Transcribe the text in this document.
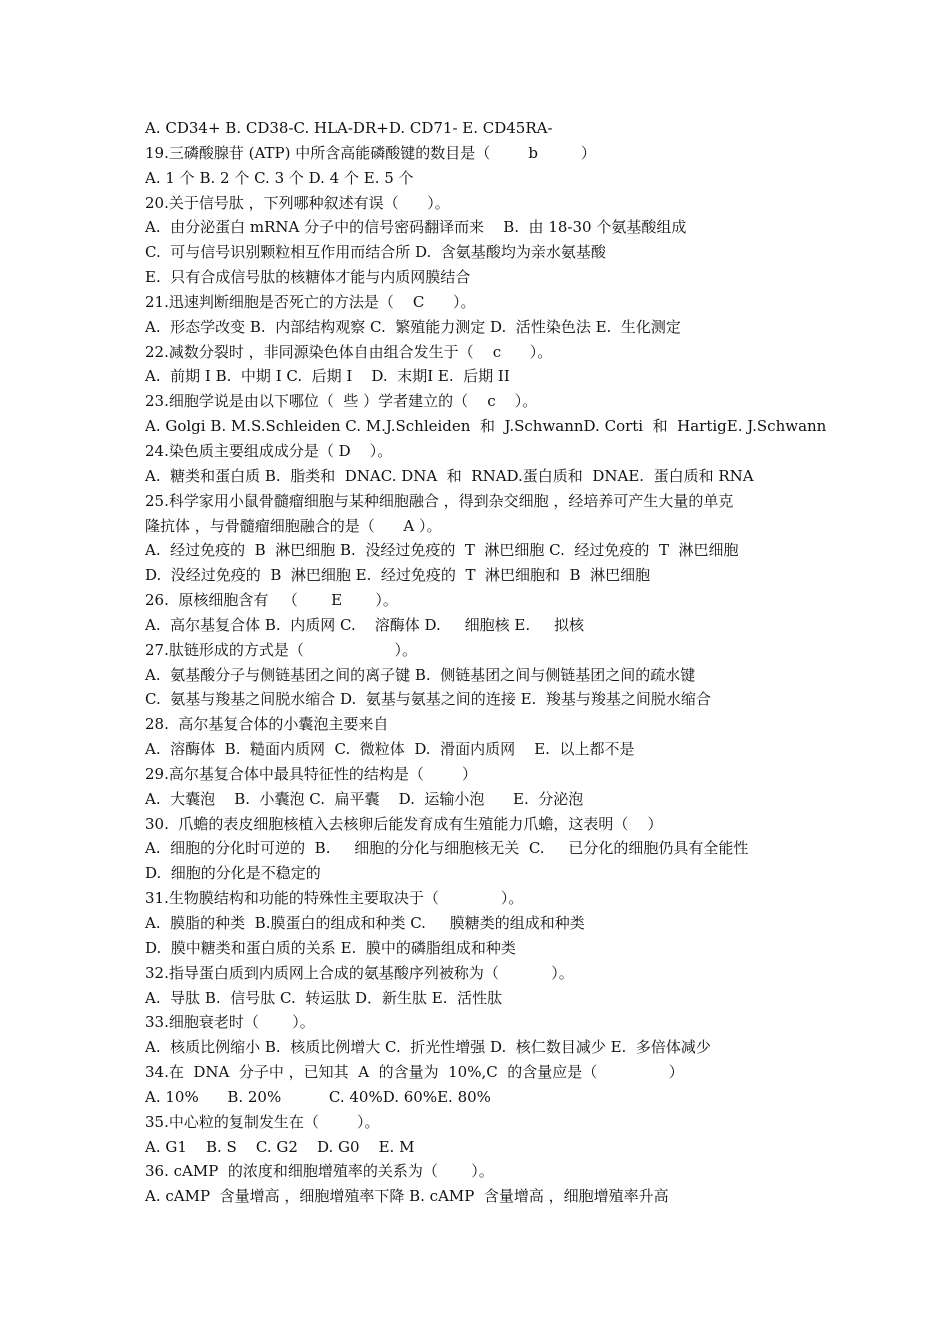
A. CD34+ B. CD38-C. HLA-DR+D. CD71- E. CD45RA-
19.三磷酸腺苷 (ATP) 中所含高能磷酸键的数目是（        b         ）
A. 1 个 B. 2 个 C. 3 个 D. 4 个 E. 5 个
20.关于信号肽 ，下列哪种叙述有误（      ）。
A.  由分泌蛋白 mRNA 分子中的信号密码翻译而来    B.  由 18-30 个氨基酸组成
C.  可与信号识别颗粒相互作用而结合所 D.  含氨基酸均为亲水氨基酸
E.  只有合成信号肽的核糖体才能与内质网膜结合
21.迅速判断细胞是否死亡的方法是（    C      ）。
A.  形态学改变 B.  内部结构观察 C.  繁殖能力测定 D.  活性染色法 E.  生化测定
22.减数分裂时 ，非同源染色体自由组合发生于（    c      ）。
A.  前期 I B.  中期 I C.  后期 I    D.  末期Ⅰ E.  后期 II
23.细胞学说是由以下哪位（  些 ）学者建立的（    c    ）。
A. Golgi B. M.S.Schleiden C. M.J.Schleiden  和  J.SchwannD. Corti  和  HartigE. J.Schwann
24.染色质主要组成成分是（ D    ）。
A.  糖类和蛋白质 B.  脂类和  DNAC. DNA  和  RNAD.蛋白质和  DNAE.  蛋白质和 RNA
25.科学家用小鼠骨髓瘤细胞与某种细胞融合 ，得到杂交细胞 ，经培养可产生大量的单克
隆抗体 ，与骨髓瘤细胞融合的是（      A ）。
A.  经过免疫的  B  淋巴细胞 B.  没经过免疫的  T  淋巴细胞 C.  经过免疫的  T  淋巴细胞
D.  没经过免疫的  B  淋巴细胞 E.  经过免疫的  T  淋巴细胞和  B  淋巴细胞
26.  原核细胞含有   （       E       ）。
A.  高尔基复合体 B.  内质网 C.    溶酶体 D.     细胞核 E.     拟核
27.肽链形成的方式是（                   ）。
A.  氨基酸分子与侧链基团之间的离子键 B.  侧链基团之间与侧链基团之间的疏水键
C.  氨基与羧基之间脱水缩合 D.  氨基与氨基之间的连接 E.  羧基与羧基之间脱水缩合
28.  高尔基复合体的小囊泡主要来自
A.  溶酶体  B.  糙面内质网  C.  微粒体  D.  滑面内质网    E.  以上都不是
29.高尔基复合体中最具特征性的结构是（        ）
A.  大囊泡    B.  小囊泡 C.  扁平囊    D.  运输小泡      E.  分泌泡
30.  爪蟾的表皮细胞核植入去核卵后能发育成有生殖能力爪蟾，这表明（    ）
A.  细胞的分化时可逆的  B.     细胞的分化与细胞核无关  C.     已分化的细胞仍具有全能性
D.  细胞的分化是不稳定的
31.生物膜结构和功能的特殊性主要取决于（             ）。
A.  膜脂的种类  B.膜蛋白的组成和种类 C.     膜糖类的组成和种类
D.  膜中糖类和蛋白质的关系 E.  膜中的磷脂组成和种类
32.指导蛋白质到内质网上合成的氨基酸序列被称为（           ）。
A.  导肽 B.  信号肽 C.  转运肽 D．新生肽 E.  活性肽
33.细胞衰老时（       ）。
A.  核质比例缩小 B.  核质比例增大 C.  折光性增强 D.  核仁数目减少 E.  多倍体减少
34.在  DNA  分子中 ，已知其  A  的含量为  10%,C  的含量应是（               ）
A. 10%      B. 20%          C. 40%D. 60%E. 80%
35.中心粒的复制发生在（        ）。
A. G1    B. S    C. G2    D. G0    E. M
36. cAMP  的浓度和细胞增殖率的关系为（       ）。
A. cAMP  含量增高 ，细胞增殖率下降 B. cAMP  含量增高 ，细胞增殖率升高
